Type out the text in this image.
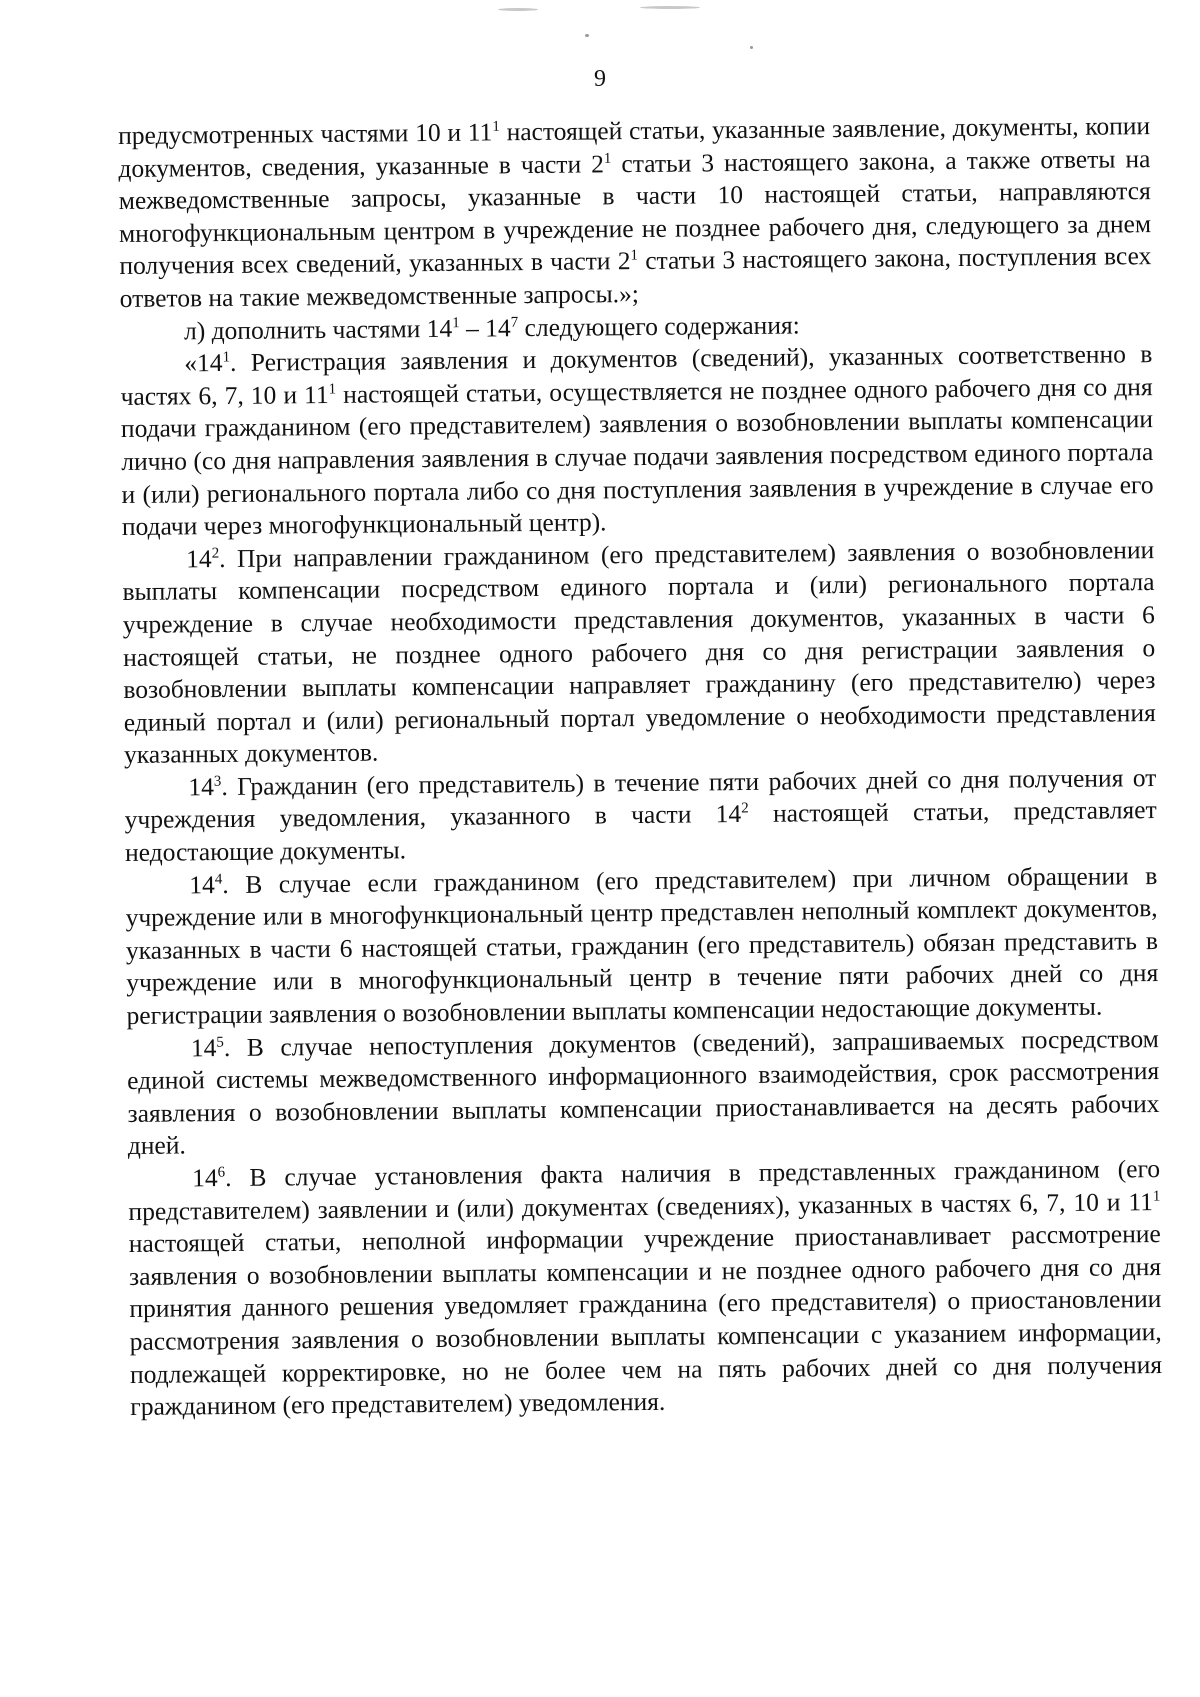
9

предусмотренных частями 10 и $11^1$ настоящей статьи, указанные заявление, документы, копии документов, сведения, указанные в части $2^1$ статьи 3 настоящего закона, а также ответы на межведомственные запросы, указанные в части 10 настоящей статьи, направляются многофункциональным центром в учреждение не позднее рабочего дня, следующего за днем получения всех сведений, указанных в части $2^1$ статьи 3 настоящего закона, поступления всех ответов на такие межведомственные запросы.»;

л) дополнить частями $14^1 - 14^7$ следующего содержания:

«$14^1$. Регистрация заявления и документов (сведений), указанных соответственно в частях 6, 7, 10 и $11^1$ настоящей статьи, осуществляется не позднее одного рабочего дня со дня подачи гражданином (его представителем) заявления о возобновлении выплаты компенсации лично (со дня направления заявления в случае подачи заявления посредством единого портала и (или) регионального портала либо со дня поступления заявления в учреждение в случае его подачи через многофункциональный центр).

$14^2$. При направлении гражданином (его представителем) заявления о возобновлении выплаты компенсации посредством единого портала и (или) регионального портала учреждение в случае необходимости представления документов, указанных в части 6 настоящей статьи, не позднее одного рабочего дня со дня регистрации заявления о возобновлении выплаты компенсации направляет гражданину (его представителю) через единый портал и (или) региональный портал уведомление о необходимости представления указанных документов.

$14^3$. Гражданин (его представитель) в течение пяти рабочих дней со дня получения от учреждения уведомления, указанного в части $14^2$ настоящей статьи, представляет недостающие документы.

$14^4$. В случае если гражданином (его представителем) при личном обращении в учреждение или в многофункциональный центр представлен неполный комплект документов, указанных в части 6 настоящей статьи, гражданин (его представитель) обязан представить в учреждение или в многофункциональный центр в течение пяти рабочих дней со дня регистрации заявления о возобновлении выплаты компенсации недостающие документы.

$14^5$. В случае непоступления документов (сведений), запрашиваемых посредством единой системы межведомственного информационного взаимодействия, срок рассмотрения заявления о возобновлении выплаты компенсации приостанавливается на десять рабочих дней.

$14^6$. В случае установления факта наличия в представленных гражданином (его представителем) заявлении и (или) документах (сведениях), указанных в частях 6, 7, 10 и $11^1$ настоящей статьи, неполной информации учреждение приостанавливает рассмотрение заявления о возобновлении выплаты компенсации и не позднее одного рабочего дня со дня принятия данного решения уведомляет гражданина (его представителя) о приостановлении рассмотрения заявления о возобновлении выплаты компенсации с указанием информации, подлежащей корректировке, но не более чем на пять рабочих дней со дня получения гражданином (его представителем) уведомления.
